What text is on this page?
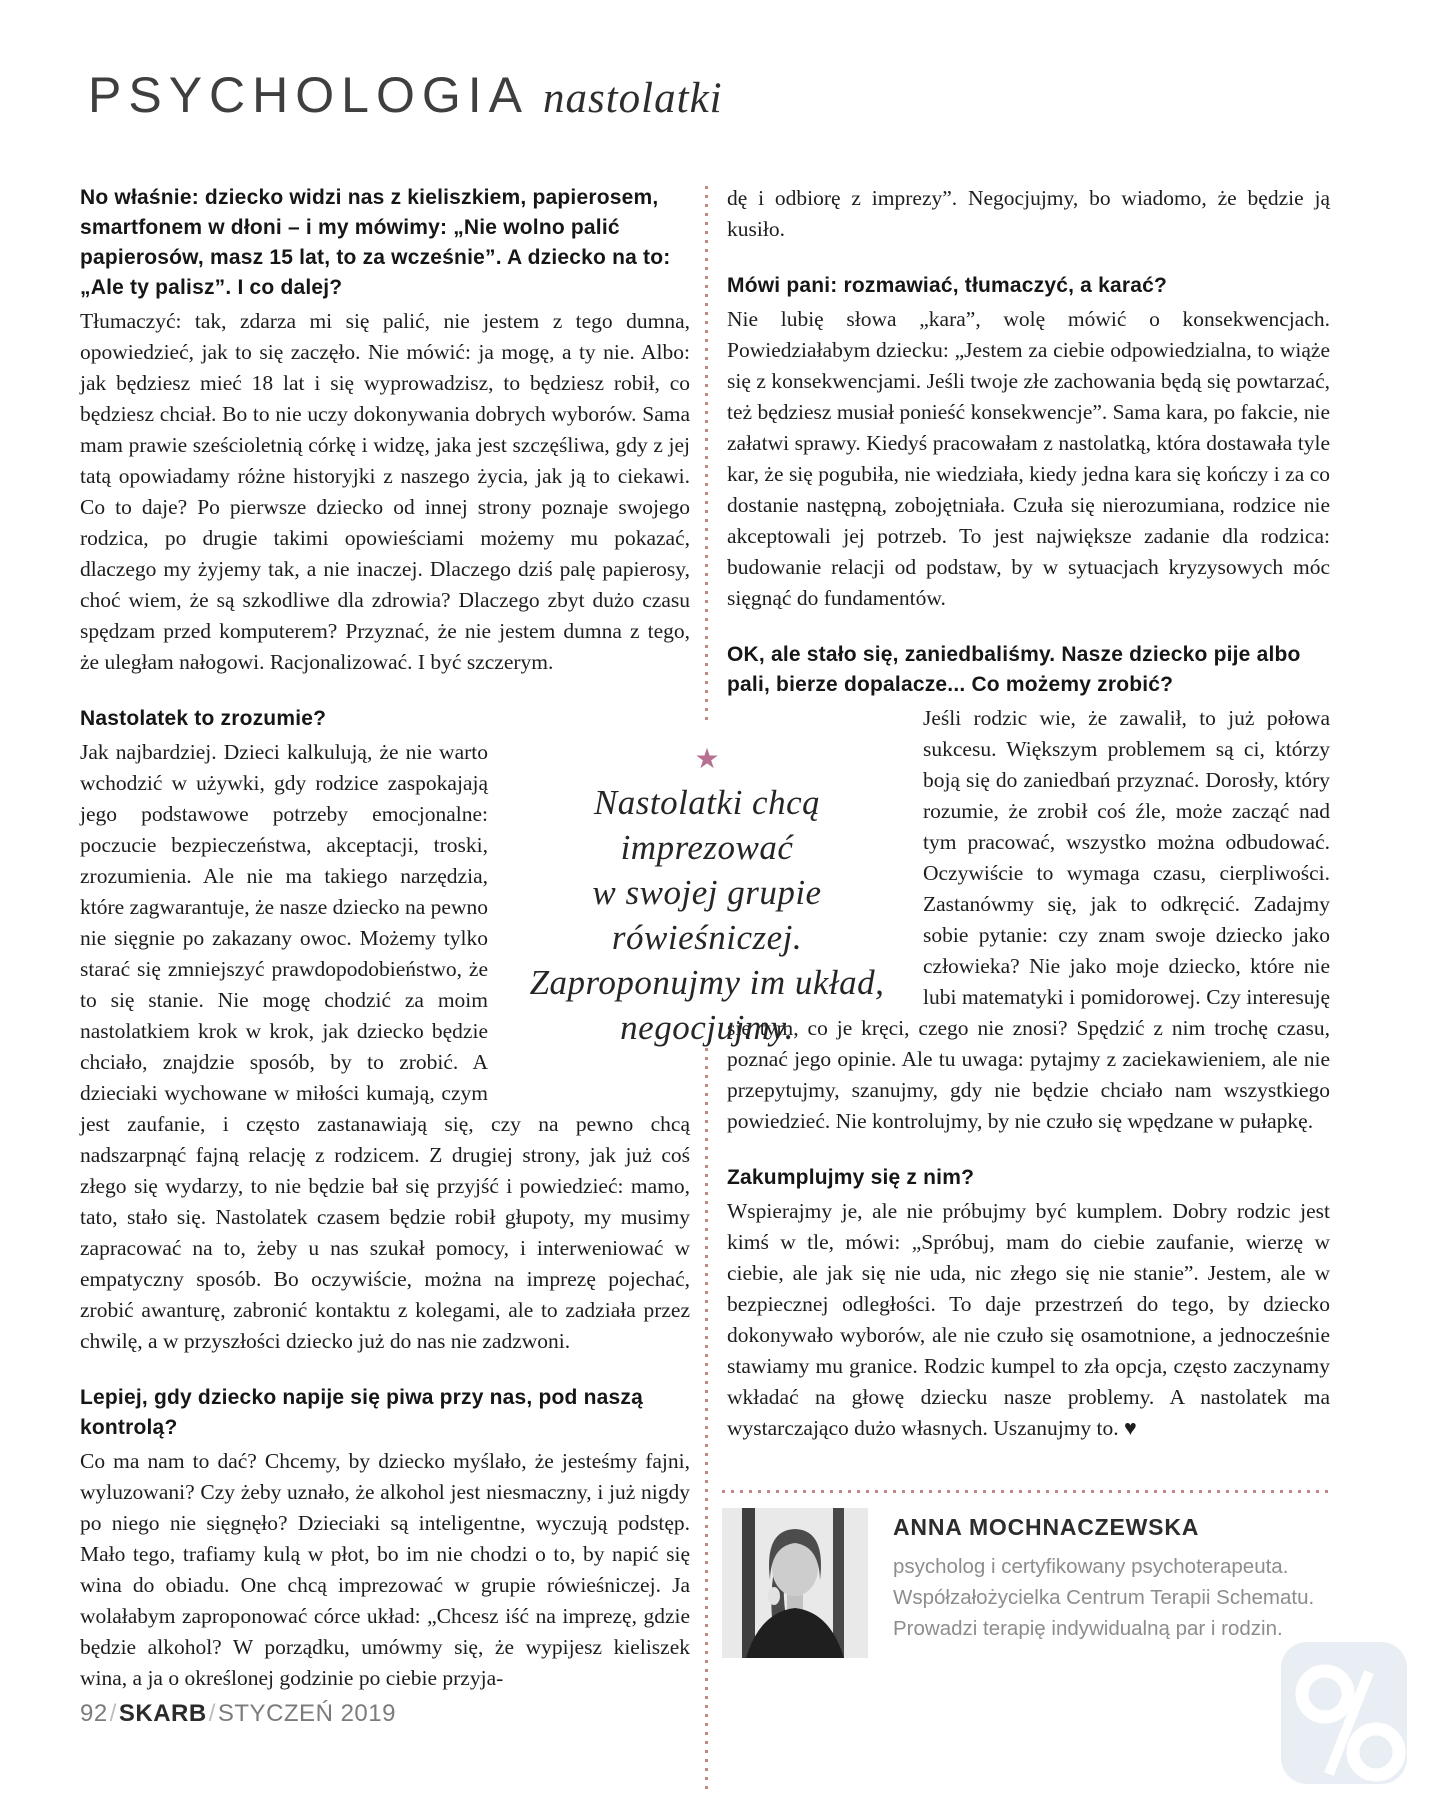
PSYCHOLOGIA nastolatki

No właśnie: dziecko widzi nas z kieliszkiem, papierosem, smartfonem w dłoni – i my mówimy: „Nie wolno palić papierosów, masz 15 lat, to za wcześnie”. A dziecko na to: „Ale ty palisz”. I co dalej?

Tłumaczyć: tak, zdarza mi się palić, nie jestem z tego dumna, opowiedzieć, jak to się zaczęło. Nie mówić: ja mogę, a ty nie. Albo: jak będziesz mieć 18 lat i się wyprowadzisz, to będziesz robił, co będziesz chciał. Bo to nie uczy dokonywania dobrych wyborów. Sama mam prawie sześcioletnią córkę i widzę, jaka jest szczęśliwa, gdy z jej tatą opowiadamy różne historyjki z naszego życia, jak ją to ciekawi. Co to daje? Po pierwsze dziecko od innej strony poznaje swojego rodzica, po drugie takimi opowieściami możemy mu pokazać, dlaczego my żyjemy tak, a nie inaczej. Dlaczego dziś palę papierosy, choć wiem, że są szkodliwe dla zdrowia? Dlaczego zbyt dużo czasu spędzam przed komputerem? Przyznać, że nie jestem dumna z tego, że uległam nałogowi. Racjonalizować. I być szczerym.

Nastolatek to zrozumie?

Jak najbardziej. Dzieci kalkulują, że nie warto wchodzić w używki, gdy rodzice zaspokajają jego podstawowe potrzeby emocjonalne: poczucie bezpieczeństwa, akceptacji, troski, zrozumienia. Ale nie ma takiego narzędzia, które zagwarantuje, że nasze dziecko na pewno nie sięgnie po zakazany owoc. Możemy tylko starać się zmniejszyć prawdopodobieństwo, że to się stanie. Nie mogę chodzić za moim nastolatkiem krok w krok, jak dziecko będzie chciało, znajdzie sposób, by to zrobić. A dzieciaki wychowane w miłości kumają, czym jest zaufanie, i często zastanawiają się, czy na pewno chcą nadszarpnąć fajną relację z rodzicem. Z drugiej strony, jak już coś złego się wydarzy, to nie będzie bał się przyjść i powiedzieć: mamo, tato, stało się. Nastolatek czasem będzie robił głupoty, my musimy zapracować na to, żeby u nas szukał pomocy, i interweniować w empatyczny sposób. Bo oczywiście, można na imprezę pojechać, zrobić awanturę, zabronić kontaktu z kolegami, ale to zadziała przez chwilę, a w przyszłości dziecko już do nas nie zadzwoni.

Lepiej, gdy dziecko napije się piwa przy nas, pod naszą kontrolą?

Co ma nam to dać? Chcemy, by dziecko myślało, że jesteśmy fajni, wyluzowani? Czy żeby uznało, że alkohol jest niesmaczny, i już nigdy po niego nie sięgnęło? Dzieciaki są inteligentne, wyczują podstęp. Mało tego, trafiamy kulą w płot, bo im nie chodzi o to, by napić się wina do obiadu. One chcą imprezować w grupie rówieśniczej. Ja wolałabym zaproponować córce układ: „Chcesz iść na imprezę, gdzie będzie alkohol? W porządku, umówmy się, że wypijesz kieliszek wina, a ja o określonej godzinie po ciebie przyja-

dę i odbiorę z imprezy”. Negocjujmy, bo wiadomo, że będzie ją kusiło.

Mówi pani: rozmawiać, tłumaczyć, a karać?

Nie lubię słowa „kara”, wolę mówić o konsekwencjach. Powiedziałabym dziecku: „Jestem za ciebie odpowiedzialna, to wiąże się z konsekwencjami. Jeśli twoje złe zachowania będą się powtarzać, też będziesz musiał ponieść konsekwencje”. Sama kara, po fakcie, nie załatwi sprawy. Kiedyś pracowałam z nastolatką, która dostawała tyle kar, że się pogubiła, nie wiedziała, kiedy jedna kara się kończy i za co dostanie następną, zobojętniała. Czuła się nierozumiana, rodzice nie akceptowali jej potrzeb. To jest największe zadanie dla rodzica: budowanie relacji od podstaw, by w sytuacjach kryzysowych móc sięgnąć do fundamentów.

OK, ale stało się, zaniedbaliśmy. Nasze dziecko pije albo pali, bierze dopalacze... Co możemy zrobić?

Jeśli rodzic wie, że zawalił, to już połowa sukcesu. Większym problemem są ci, którzy boją się do zaniedbań przyznać. Dorosły, który rozumie, że zrobił coś źle, może zacząć nad tym pracować, wszystko można odbudować. Oczywiście to wymaga czasu, cierpliwości. Zastanówmy się, jak to odkręcić. Zadajmy sobie pytanie: czy znam swoje dziecko jako człowieka? Nie jako moje dziecko, które nie lubi matematyki i pomidorowej. Czy interesuję się tym, co je kręci, czego nie znosi? Spędzić z nim trochę czasu, poznać jego opinie. Ale tu uwaga: pytajmy z zaciekawieniem, ale nie przepytujmy, szanujmy, gdy nie będzie chciało nam wszystkiego powiedzieć. Nie kontrolujmy, by nie czuło się wpędzane w pułapkę.

Zakumplujmy się z nim?

Wspierajmy je, ale nie próbujmy być kumplem. Dobry rodzic jest kimś w tle, mówi: „Spróbuj, mam do ciebie zaufanie, wierzę w ciebie, ale jak się nie uda, nic złego się nie stanie”. Jestem, ale w bezpiecznej odległości. To daje przestrzeń do tego, by dziecko dokonywało wyborów, ale nie czuło się osamotnione, a jednocześnie stawiamy mu granice. Rodzic kumpel to zła opcja, często zaczynamy wkładać na głowę dziecku nasze problemy. A nastolatek ma wystarczająco dużo własnych. Uszanujmy to. ♥

★
Nastolatki chcą
imprezować
w swojej grupie
rówieśniczej.
Zaproponujmy im układ,
negocjujmy.
ANNA MOCHNACZEWSKA
psycholog i certyfikowany psychoterapeuta. Współzałożycielka Centrum Terapii Schematu. Prowadzi terapię indywidualną par i rodzin.
92/SKARB/STYCZEŃ 2019
